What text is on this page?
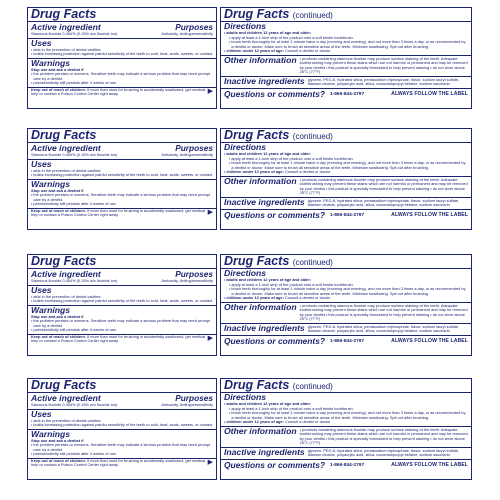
Drug Facts
Active ingredient	Purposes
Stannous fluoride 0.454% (0.15% w/v fluoride ion)	Anticavity, Antihypersensitivity
Uses
• aids in the prevention of dental cavities
• builds increasing protection against painful sensitivity of the teeth to cold, heat, acids, sweets, or contact
Warnings
Stop use and ask a dentist if
• the problem persists or worsens. Sensitive teeth may indicate a serious problem that may need prompt care by a dentist.
• pain/sensitivity still persists after 4 weeks of use.
Keep out of reach of children. If more than used for brushing is accidentally swallowed, get medical help or contact a Poison Control Center right away.	▶
Drug Facts (continued)
Directions
• adults and children 12 years of age and older:
• apply at least a 1-inch strip of the product onto a soft bristle toothbrush.
• brush teeth thoroughly for at least 1 minute twice a day (morning and evening), and not more than 3 times a day, or as recommended by a dentist or doctor. Make sure to brush all sensitive areas of the teeth. Minimize swallowing. Spit out after brushing.
• children under 12 years of age: Consult a dentist or doctor
Other information • products containing stannous fluoride may produce surface staining of the teeth. Adequate toothbrushing may prevent these stains which are not harmful or permanent and may be removed by your dentist • this product is specially formulated to help prevent staining • do not store above 25°C (77°F)
Inactive ingredients glycerin, PEG-8, hydrated silica, pentasodium triphosphate, flavor, sodium lauryl sulfate, titanium dioxide, polyacrylic acid, silica, cocamidopropyl betaine, sodium saccharin
Questions or comments? 1-866-844-2797	ALWAYS FOLLOW THE LABEL
Drug Facts
Active ingredient	Purposes
Stannous fluoride 0.454% (0.15% w/v fluoride ion)	Anticavity, Antihypersensitivity
Uses
• aids in the prevention of dental cavities
• builds increasing protection against painful sensitivity of the teeth to cold, heat, acids, sweets, or contact
Warnings
Stop use and ask a dentist if
• the problem persists or worsens. Sensitive teeth may indicate a serious problem that may need prompt care by a dentist.
• pain/sensitivity still persists after 4 weeks of use.
Keep out of reach of children. If more than used for brushing is accidentally swallowed, get medical help or contact a Poison Control Center right away.	▶
Drug Facts (continued)
Directions
• adults and children 12 years of age and older:
• apply at least a 1-inch strip of the product onto a soft bristle toothbrush.
• brush teeth thoroughly for at least 1 minute twice a day (morning and evening), and not more than 3 times a day, or as recommended by a dentist or doctor. Make sure to brush all sensitive areas of the teeth. Minimize swallowing. Spit out after brushing.
• children under 12 years of age: Consult a dentist or doctor
Other information • products containing stannous fluoride may produce surface staining of the teeth. Adequate toothbrushing may prevent these stains which are not harmful or permanent and may be removed by your dentist • this product is specially formulated to help prevent staining • do not store above 25°C (77°F)
Inactive ingredients glycerin, PEG-8, hydrated silica, pentasodium triphosphate, flavor, sodium lauryl sulfate, titanium dioxide, polyacrylic acid, silica, cocamidopropyl betaine, sodium saccharin
Questions or comments? 1-866-844-2797	ALWAYS FOLLOW THE LABEL
Drug Facts
Active ingredient	Purposes
Stannous fluoride 0.454% (0.15% w/v fluoride ion)	Anticavity, Antihypersensitivity
Uses
• aids in the prevention of dental cavities
• builds increasing protection against painful sensitivity of the teeth to cold, heat, acids, sweets, or contact
Warnings
Stop use and ask a dentist if
• the problem persists or worsens. Sensitive teeth may indicate a serious problem that may need prompt care by a dentist.
• pain/sensitivity still persists after 4 weeks of use.
Keep out of reach of children. If more than used for brushing is accidentally swallowed, get medical help or contact a Poison Control Center right away.	▶
Drug Facts (continued)
Directions
• adults and children 12 years of age and older:
• apply at least a 1-inch strip of the product onto a soft bristle toothbrush.
• brush teeth thoroughly for at least 1 minute twice a day (morning and evening), and not more than 3 times a day, or as recommended by a dentist or doctor. Make sure to brush all sensitive areas of the teeth. Minimize swallowing. Spit out after brushing.
• children under 12 years of age: Consult a dentist or doctor
Other information • products containing stannous fluoride may produce surface staining of the teeth. Adequate toothbrushing may prevent these stains which are not harmful or permanent and may be removed by your dentist • this product is specially formulated to help prevent staining • do not store above 25°C (77°F)
Inactive ingredients glycerin, PEG-8, hydrated silica, pentasodium triphosphate, flavor, sodium lauryl sulfate, titanium dioxide, polyacrylic acid, silica, cocamidopropyl betaine, sodium saccharin
Questions or comments? 1-866-844-2797	ALWAYS FOLLOW THE LABEL
Drug Facts
Active ingredient	Purposes
Stannous fluoride 0.454% (0.15% w/v fluoride ion)	Anticavity, Antihypersensitivity
Uses
• aids in the prevention of dental cavities
• builds increasing protection against painful sensitivity of the teeth to cold, heat, acids, sweets, or contact
Warnings
Stop use and ask a dentist if
• the problem persists or worsens. Sensitive teeth may indicate a serious problem that may need prompt care by a dentist.
• pain/sensitivity still persists after 4 weeks of use.
Keep out of reach of children. If more than used for brushing is accidentally swallowed, get medical help or contact a Poison Control Center right away.	▶
Drug Facts (continued)
Directions
• adults and children 12 years of age and older:
• apply at least a 1-inch strip of the product onto a soft bristle toothbrush.
• brush teeth thoroughly for at least 1 minute twice a day (morning and evening), and not more than 3 times a day, or as recommended by a dentist or doctor. Make sure to brush all sensitive areas of the teeth. Minimize swallowing. Spit out after brushing.
• children under 12 years of age: Consult a dentist or doctor
Other information • products containing stannous fluoride may produce surface staining of the teeth. Adequate toothbrushing may prevent these stains which are not harmful or permanent and may be removed by your dentist • this product is specially formulated to help prevent staining • do not store above 25°C (77°F)
Inactive ingredients glycerin, PEG-8, hydrated silica, pentasodium triphosphate, flavor, sodium lauryl sulfate, titanium dioxide, polyacrylic acid, silica, cocamidopropyl betaine, sodium saccharin
Questions or comments? 1-866-844-2797	ALWAYS FOLLOW THE LABEL
